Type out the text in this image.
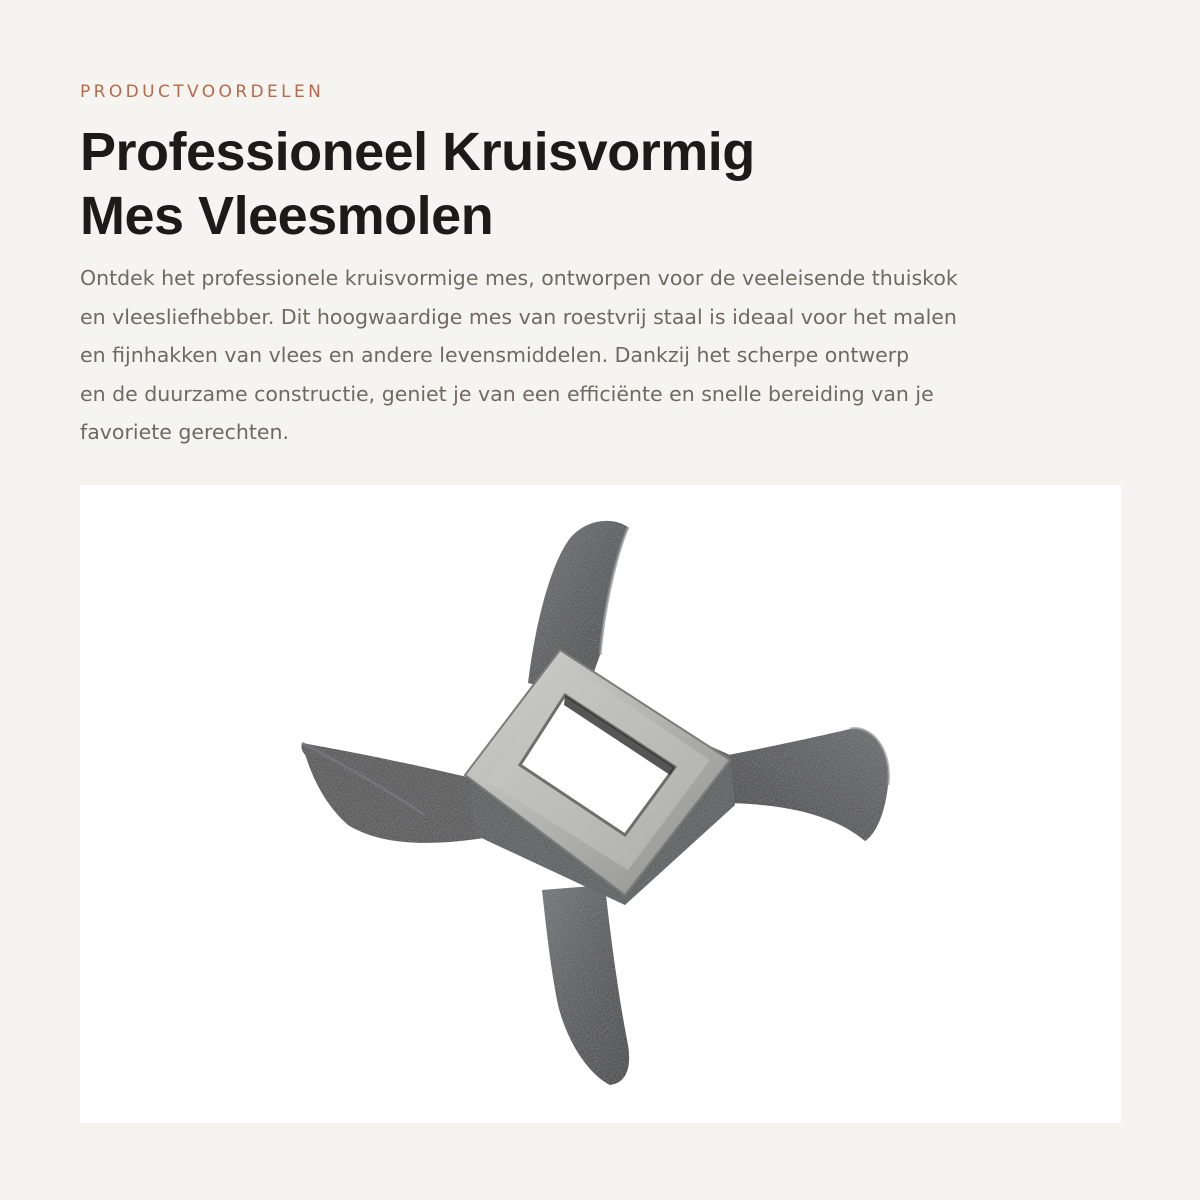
PRODUCTVOORDELEN
Professioneel Kruisvormig
Mes Vleesmolen

Ontdek het professionele kruisvormige mes, ontworpen voor de veeleisende thuiskok
en vleesliefhebber. Dit hoogwaardige mes van roestvrij staal is ideaal voor het malen
en fijnhakken van vlees en andere levensmiddelen. Dankzij het scherpe ontwerp
en de duurzame constructie, geniet je van een efficiënte en snelle bereiding van je
favoriete gerechten.
